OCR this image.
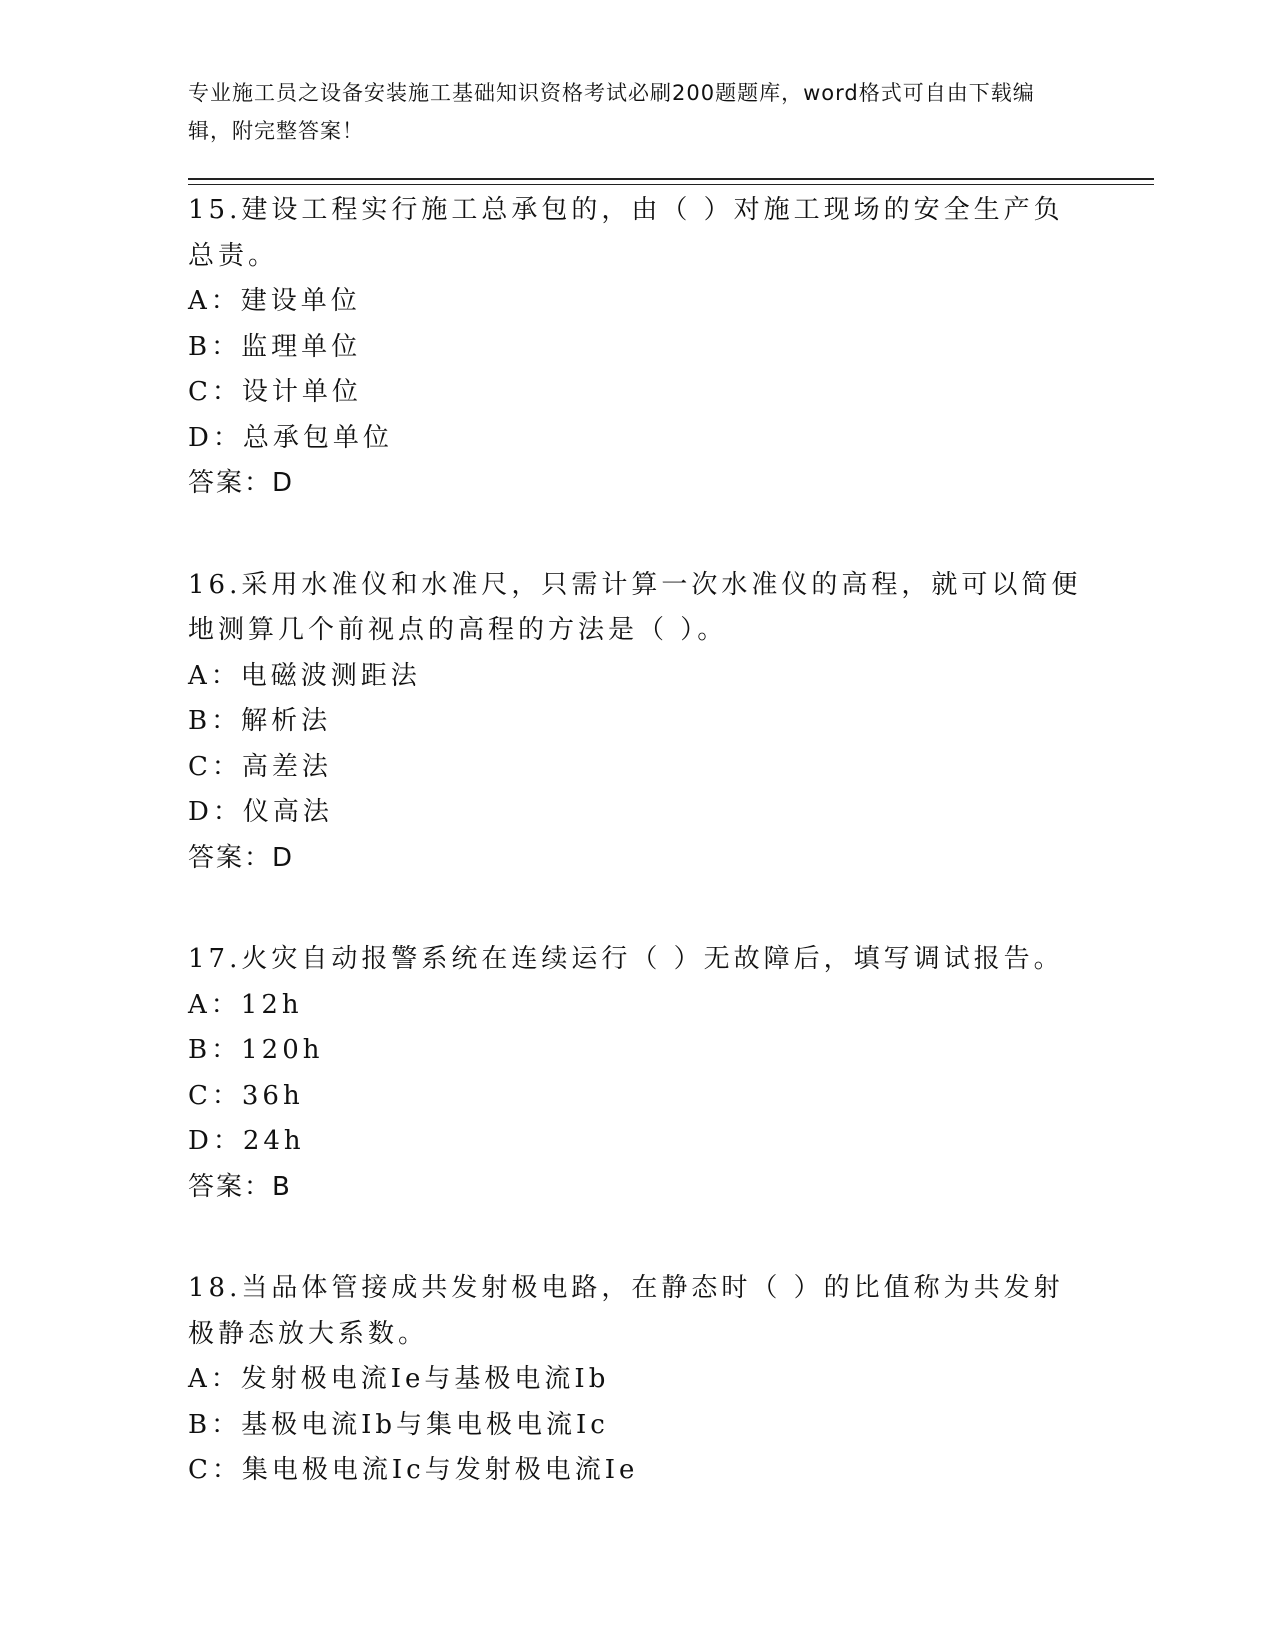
专业施工员之设备安装施工基础知识资格考试必刷200题题库，word格式可自由下载编辑，附完整答案！
15.建设工程实行施工总承包的，由（ ）对施工现场的安全生产负总责。
A：建设单位
B：监理单位
C：设计单位
D：总承包单位
答案：D
16.采用水准仪和水准尺，只需计算一次水准仪的高程，就可以简便地测算几个前视点的高程的方法是（ ）。
A：电磁波测距法
B：解析法
C：高差法
D：仪高法
答案：D
17.火灾自动报警系统在连续运行（ ）无故障后，填写调试报告。
A：12h
B：120h
C：36h
D：24h
答案：B
18.当品体管接成共发射极电路，在静态时（ ）的比值称为共发射极静态放大系数。
A：发射极电流Ie与基极电流Ib
B：基极电流Ib与集电极电流Ic
C：集电极电流Ic与发射极电流Ie
